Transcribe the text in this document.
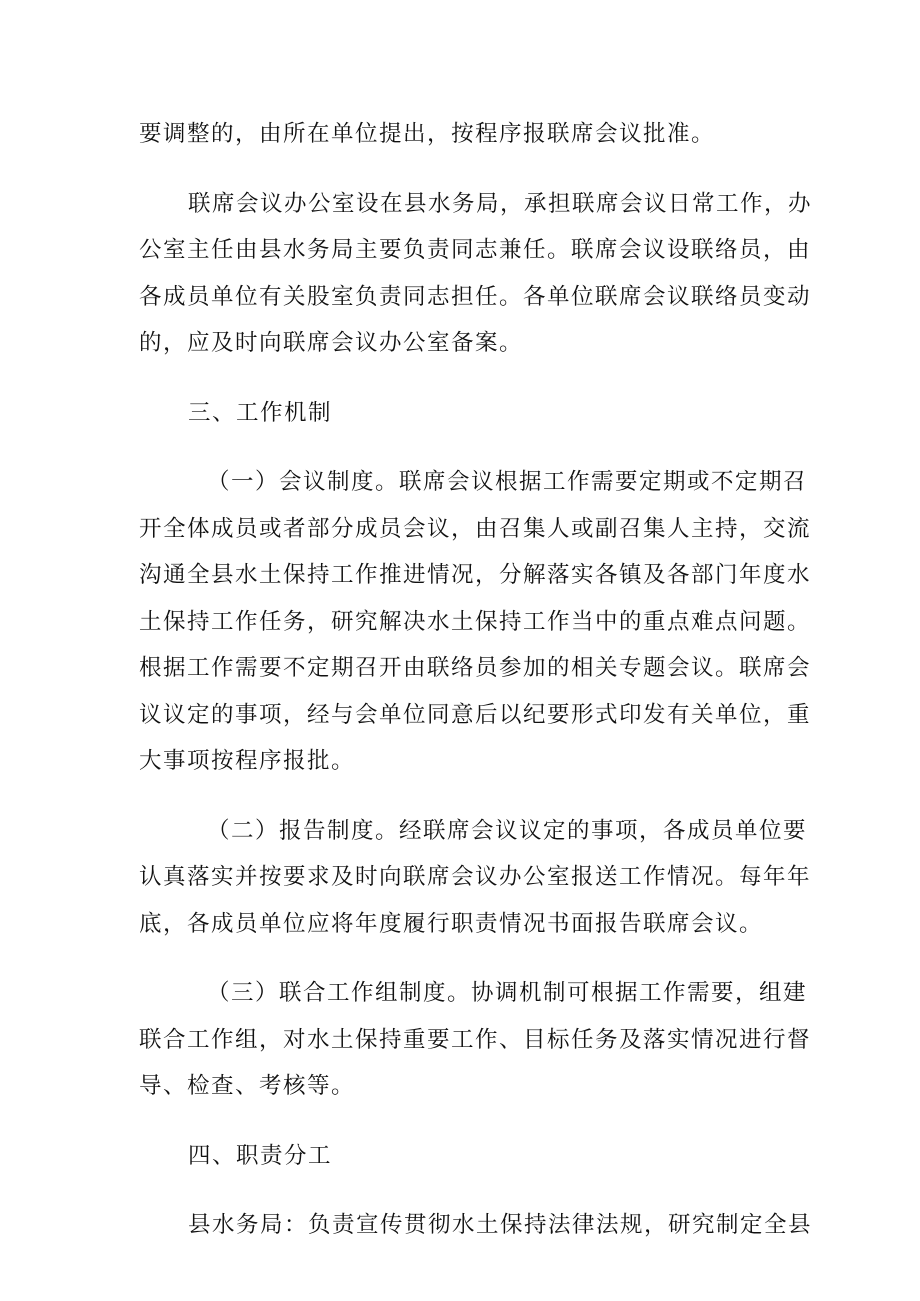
要调整的，由所在单位提出，按程序报联席会议批准。
联席会议办公室设在县水务局，承担联席会议日常工作，办
公室主任由县水务局主要负责同志兼任。联席会议设联络员，由
各成员单位有关股室负责同志担任。各单位联席会议联络员变动
的，应及时向联席会议办公室备案。
三、工作机制
（一）会议制度。联席会议根据工作需要定期或不定期召
开全体成员或者部分成员会议，由召集人或副召集人主持，交流
沟通全县水土保持工作推进情况，分解落实各镇及各部门年度水
土保持工作任务，研究解决水土保持工作当中的重点难点问题。
根据工作需要不定期召开由联络员参加的相关专题会议。联席会
议议定的事项，经与会单位同意后以纪要形式印发有关单位，重
大事项按程序报批。
（二）报告制度。经联席会议议定的事项，各成员单位要
认真落实并按要求及时向联席会议办公室报送工作情况。每年年
底，各成员单位应将年度履行职责情况书面报告联席会议。
（三）联合工作组制度。协调机制可根据工作需要，组建
联合工作组，对水土保持重要工作、目标任务及落实情况进行督
导、检查、考核等。
四、职责分工
县水务局：负责宣传贯彻水土保持法律法规，研究制定全县
